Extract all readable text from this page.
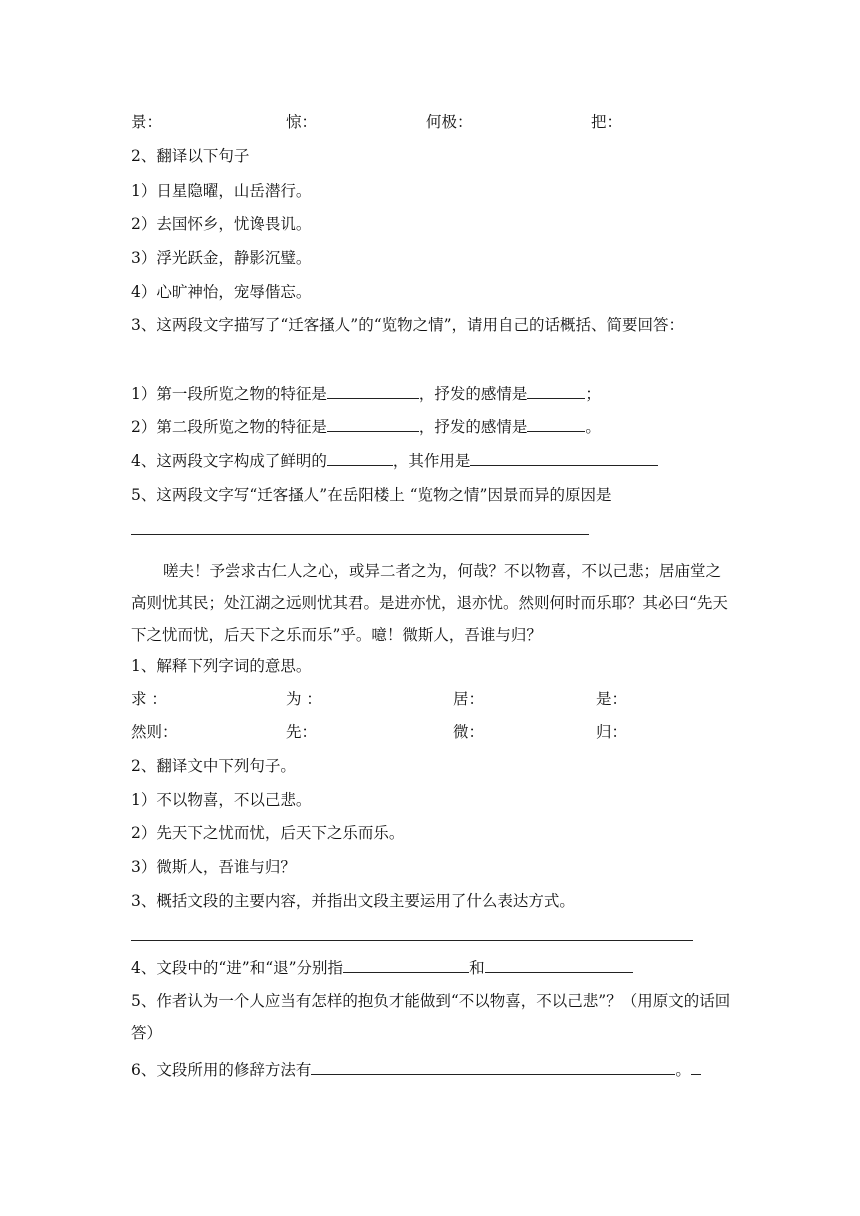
景：	惊：	何极：	把：
2、翻译以下句子
1）日星隐曜，山岳潜行。
2）去国怀乡，忧谗畏讥。
3）浮光跃金，静影沉璧。
4）心旷神怡，宠辱偕忘。
3、这两段文字描写了“迁客搔人”的“览物之情”，请用自己的话概括、简要回答：
1）第一段所览之物的特征是	，抒发的感情是	；
2）第二段所览之物的特征是	，抒发的感情是	。
4、这两段文字构成了鲜明的	，其作用是
5、这两段文字写“迁客搔人”在岳阳楼上 “览物之情”因景而异的原因是
嗟夫！予尝求古仁人之心，或异二者之为，何哉？不以物喜，不以己悲；居庙堂之高则忧其民；处江湖之远则忧其君。是进亦忧，退亦忧。然则何时而乐耶？其必曰“先天下之忧而忧，后天下之乐而乐”乎。噫！微斯人，吾谁与归？
1、解释下列字词的意思。
求 ：	为 ：	居：	是：
然则：	先：	微：	归：
2、翻译文中下列句子。
1）不以物喜，不以己悲。
2）先天下之忧而忧，后天下之乐而乐。
3）微斯人，吾谁与归？
3、概括文段的主要内容，并指出文段主要运用了什么表达方式。
4、文段中的“进”和“退”分别指	和
5、作者认为一个人应当有怎样的抱负才能做到“不以物喜，不以己悲”？（用原文的话回答）
6、文段所用的修辞方法有	。
